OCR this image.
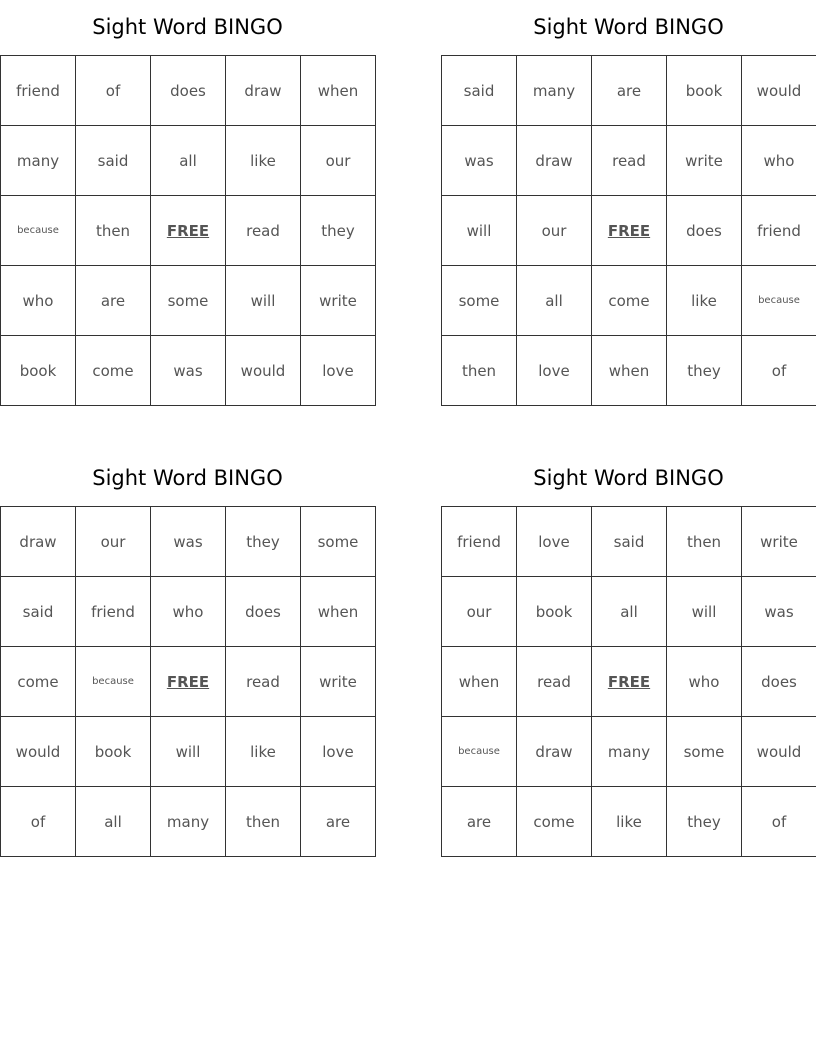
Sight Word BINGO
friend	of	does	draw	when
many	said	all	like	our
because	then	FREE	read	they
who	are	some	will	write
book	come	was	would	love
Sight Word BINGO
said	many	are	book	would
was	draw	read	write	who
will	our	FREE	does	friend
some	all	come	like	because
then	love	when	they	of
Sight Word BINGO
draw	our	was	they	some
said	friend	who	does	when
come	because	FREE	read	write
would	book	will	like	love
of	all	many	then	are
Sight Word BINGO
friend	love	said	then	write
our	book	all	will	was
when	read	FREE	who	does
because	draw	many	some	would
are	come	like	they	of
